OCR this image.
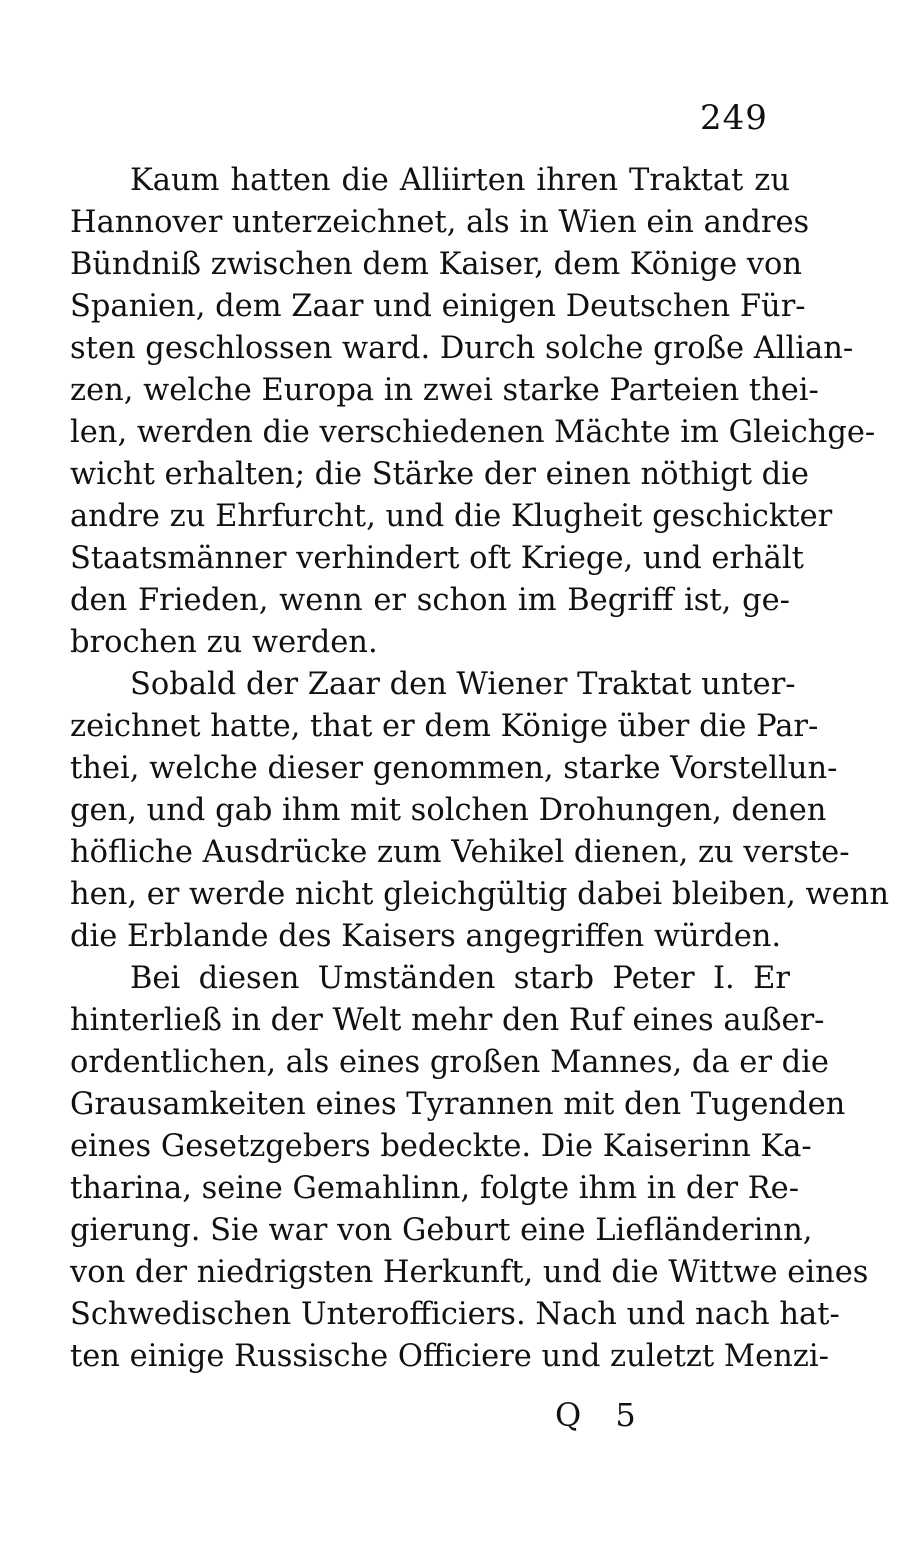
249
Kaum hatten die Alliirten ihren Traktat zu
Hannover unterzeichnet, als in Wien ein andres
Bündniß zwischen dem Kaiser, dem Könige von
Spanien, dem Zaar und einigen Deutschen Für-
sten geschlossen ward. Durch solche große Allian-
zen, welche Europa in zwei starke Parteien thei-
len, werden die verschiedenen Mächte im Gleichge-
wicht erhalten; die Stärke der einen nöthigt die
andre zu Ehrfurcht, und die Klugheit geschickter
Staatsmänner verhindert oft Kriege, und erhält
den Frieden, wenn er schon im Begriff ist, ge-
brochen zu werden.
Sobald der Zaar den Wiener Traktat unter-
zeichnet hatte, that er dem Könige über die Par-
thei, welche dieser genommen, starke Vorstellun-
gen, und gab ihm mit solchen Drohungen, denen
höfliche Ausdrücke zum Vehikel dienen, zu verste-
hen, er werde nicht gleichgültig dabei bleiben, wenn
die Erblande des Kaisers angegriffen würden.
Bei diesen Umständen starb Peter I. Er
hinterließ in der Welt mehr den Ruf eines außer-
ordentlichen, als eines großen Mannes, da er die
Grausamkeiten eines Tyrannen mit den Tugenden
eines Gesetzgebers bedeckte. Die Kaiserinn Ka-
tharina, seine Gemahlinn, folgte ihm in der Re-
gierung. Sie war von Geburt eine Liefländerinn,
von der niedrigsten Herkunft, und die Wittwe eines
Schwedischen Unterofficiers. Nach und nach hat-
ten einige Russische Officiere und zuletzt Menzi-
Q 5
